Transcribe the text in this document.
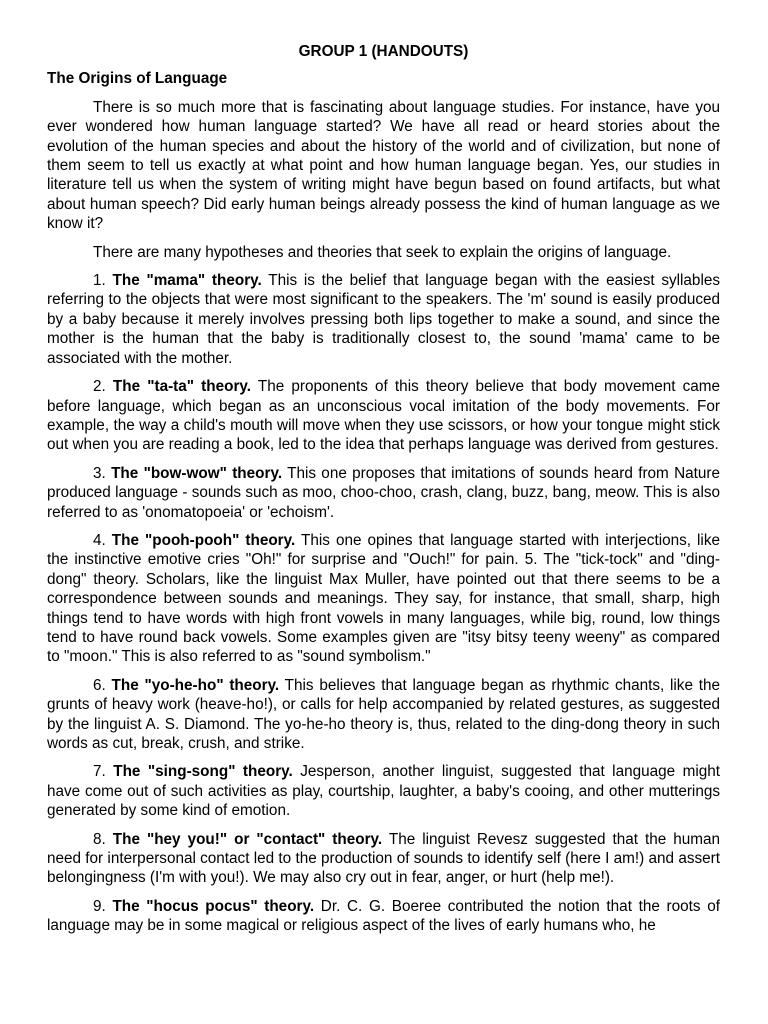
GROUP 1 (HANDOUTS)
The Origins of Language

There is so much more that is fascinating about language studies. For instance, have you ever wondered how human language started? We have all read or heard stories about the evolution of the human species and about the history of the world and of civilization, but none of them seem to tell us exactly at what point and how human language began. Yes, our studies in literature tell us when the system of writing might have begun based on found artifacts, but what about human speech? Did early human beings already possess the kind of human language as we know it?

There are many hypotheses and theories that seek to explain the origins of language.

1. The "mama" theory. This is the belief that language began with the easiest syllables referring to the objects that were most significant to the speakers. The 'm' sound is easily produced by a baby because it merely involves pressing both lips together to make a sound, and since the mother is the human that the baby is traditionally closest to, the sound 'mama' came to be associated with the mother.

2. The "ta-ta" theory. The proponents of this theory believe that body movement came before language, which began as an unconscious vocal imitation of the body movements. For example, the way a child's mouth will move when they use scissors, or how your tongue might stick out when you are reading a book, led to the idea that perhaps language was derived from gestures.

3. The "bow-wow" theory. This one proposes that imitations of sounds heard from Nature produced language - sounds such as moo, choo-choo, crash, clang, buzz, bang, meow. This is also referred to as 'onomatopoeia' or 'echoism'.

4. The "pooh-pooh" theory. This one opines that language started with interjections, like the instinctive emotive cries "Oh!" for surprise and "Ouch!" for pain. 5. The "tick-tock" and "ding-dong" theory. Scholars, like the linguist Max Muller, have pointed out that there seems to be a correspondence between sounds and meanings. They say, for instance, that small, sharp, high things tend to have words with high front vowels in many languages, while big, round, low things tend to have round back vowels. Some examples given are "itsy bitsy teeny weeny" as compared to "moon." This is also referred to as "sound symbolism."

6. The "yo-he-ho" theory. This believes that language began as rhythmic chants, like the grunts of heavy work (heave-ho!), or calls for help accompanied by related gestures, as suggested by the linguist A. S. Diamond. The yo-he-ho theory is, thus, related to the ding-dong theory in such words as cut, break, crush, and strike.

7. The "sing-song" theory. Jesperson, another linguist, suggested that language might have come out of such activities as play, courtship, laughter, a baby's cooing, and other mutterings generated by some kind of emotion.

8. The "hey you!" or "contact" theory. The linguist Revesz suggested that the human need for interpersonal contact led to the production of sounds to identify self (here I am!) and assert belongingness (I'm with you!). We may also cry out in fear, anger, or hurt (help me!).

9. The "hocus pocus" theory. Dr. C. G. Boeree contributed the notion that the roots of language may be in some magical or religious aspect of the lives of early humans who, he
